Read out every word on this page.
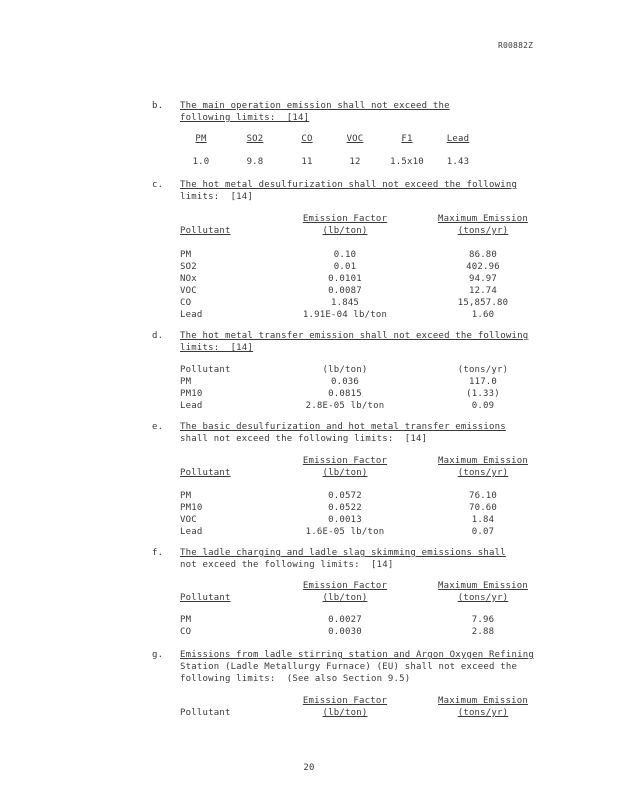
R00882Z
b. The main operation emission shall not exceed the
following limits:  [14]
PM	SO2	CO	VOC	F1	Lead
1.0	9.8	11	12	1.5x10	1.43
c. The hot metal desulfurization shall not exceed the following
limits:  [14]
Emission Factor	Maximum Emission
Pollutant	(lb/ton)	(tons/yr)
PM	0.10	86.80
SO2	0.01	402.96
NOx	0.0101	94.97
VOC	0.0087	12.74
CO	1.845	15,857.80
Lead	1.91E-04 lb/ton	1.60
d. The hot metal transfer emission shall not exceed the following
limits:  [14]
Pollutant	(lb/ton)	(tons/yr)
PM	0.036	117.0
PM10	0.0815	(1.33)
Lead	2.8E-05 lb/ton	0.09
e. The basic desulfurization and hot metal transfer emissions
shall not exceed the following limits:  [14]
Emission Factor	Maximum Emission
Pollutant	(lb/ton)	(tons/yr)
PM	0.0572	76.10
PM10	0.0522	70.60
VOC	0.0013	1.84
Lead	1.6E-05 lb/ton	0.07
f. The ladle charging and ladle slag skimming emissions shall
not exceed the following limits:  [14]
Emission Factor	Maximum Emission
Pollutant	(lb/ton)	(tons/yr)
PM	0.0027	7.96
CO	0.0030	2.88
g. Emissions from ladle stirring station and Argon Oxygen Refining
Station (Ladle Metallurgy Furnace) (EU) shall not exceed the
following limits:  (See also Section 9.5)
Emission Factor	Maximum Emission
Pollutant	(lb/ton)	(tons/yr)
20
